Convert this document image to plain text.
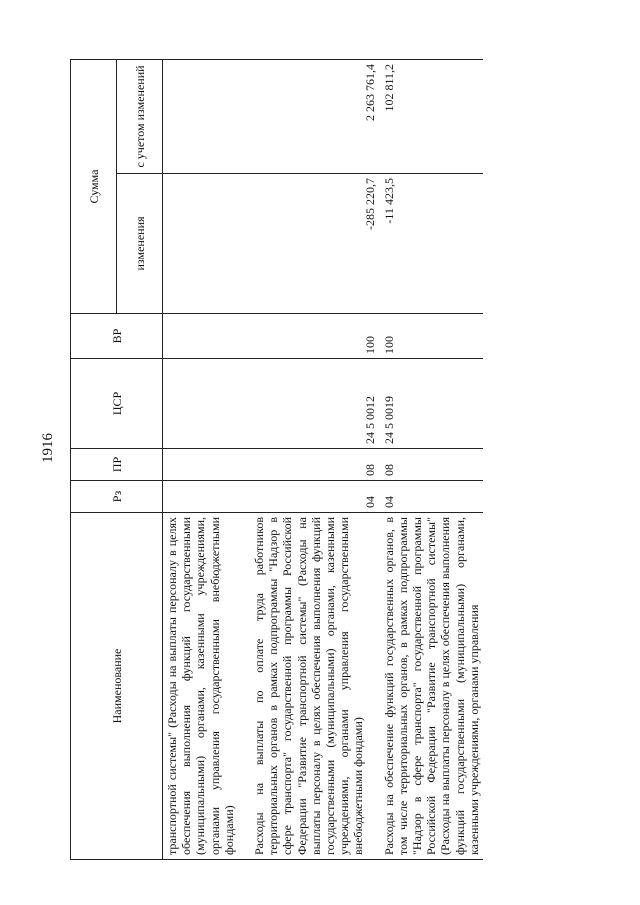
1916
Наименование	Рз	ПР	ЦСР	ВР	Сумма	
					изменения	с учетом изменений

транспортной системы" (Расходы на выплаты персоналу в целях обеспечения выполнения функций государственными (муниципальными) органами, казенными учреждениями, органами управления государственными внебюджетными фондами)						

Расходы на выплаты по оплате труда работников территориальных органов в рамках подпрограммы "Надзор в сфере транспорта" государственной программы Российской Федерации "Развитие транспортной системы" (Расходы на выплаты персоналу в целях обеспечения выполнения функций государственными (муниципальными) органами, казенными учреждениями, органами управления государственными внебюджетными фондами)	04	08	24 5 0012	100	-285 220,7	2 263 761,4

Расходы на обеспечение функций государственных органов, в том числе территориальных органов, в рамках подпрограммы "Надзор в сфере транспорта" государственной программы Российской Федерации "Развитие транспортной системы" (Расходы на выплаты персоналу в целях обеспечения выполнения функций государственными (муниципальными) органами, казенными учреждениями, органами управления	04	08	24 5 0019	100	-11 423,5	102 811,2
